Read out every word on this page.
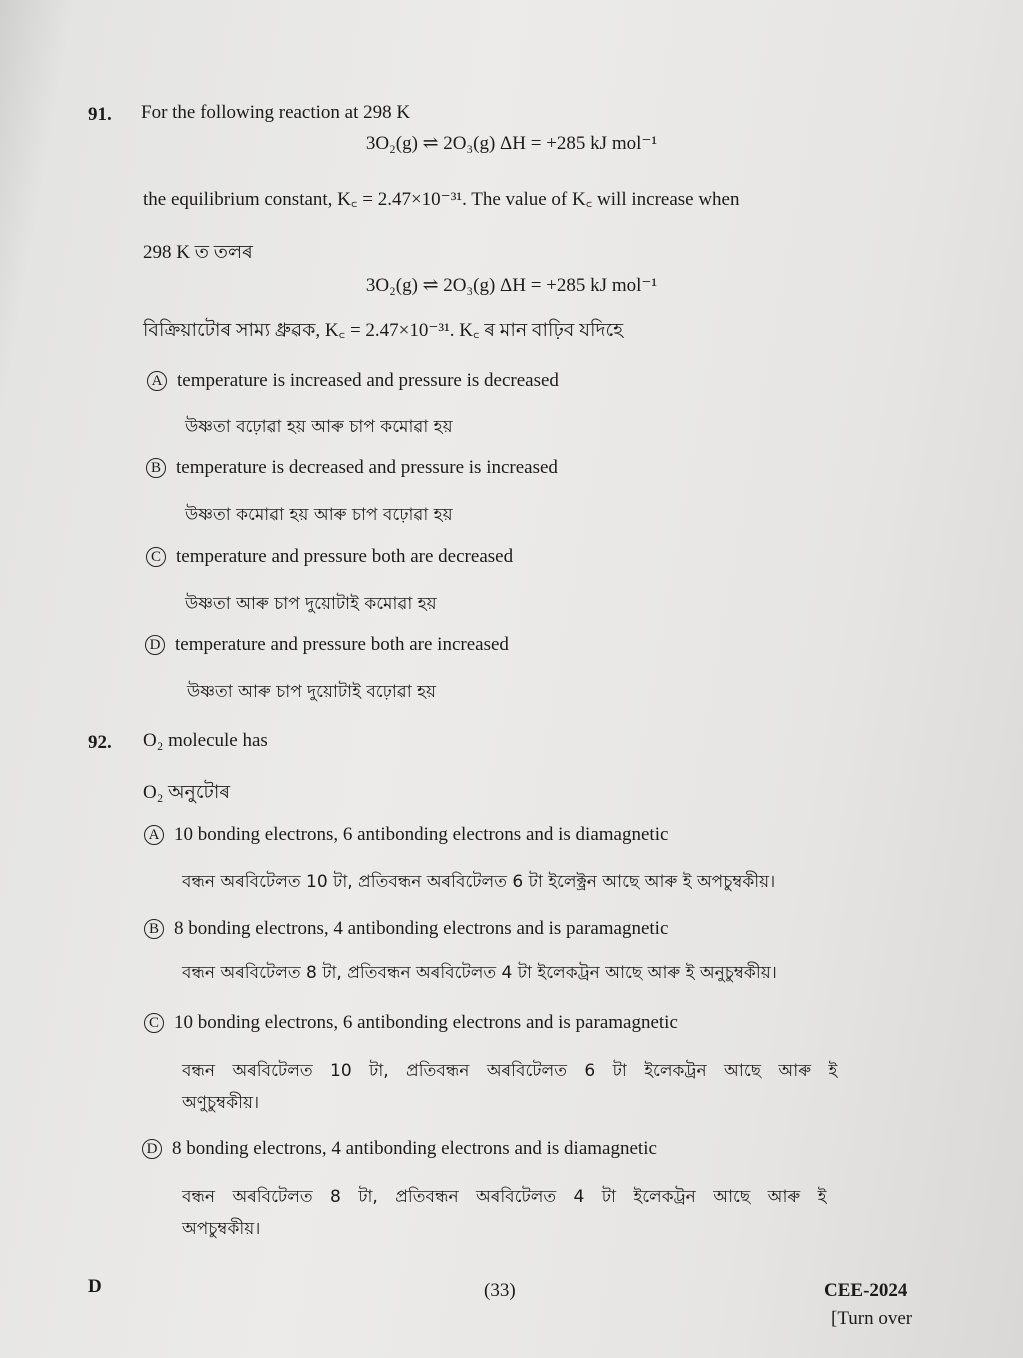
91. For the following reaction at 298 K
3O₂(g) ⇌ 2O₃(g) ΔH = +285 kJ mol⁻¹
the equilibrium constant, K꜀ = 2.47×10⁻³¹. The value of K꜀ will increase when
298 K ত তলৰ
3O₂(g) ⇌ 2O₃(g) ΔH = +285 kJ mol⁻¹
বিক্রিয়াটোৰ সাম্য ধ্রুৱক, K꜀ = 2.47×10⁻³¹. K꜀ ৰ মান বাঢ়িব যদিহে
A temperature is increased and pressure is decreased
উষ্ণতা বঢ়োৱা হয় আৰু চাপ কমোৱা হয়
B temperature is decreased and pressure is increased
উষ্ণতা কমোৱা হয় আৰু চাপ বঢ়োৱা হয়
C temperature and pressure both are decreased
উষ্ণতা আৰু চাপ দুয়োটাই কমোৱা হয়
D temperature and pressure both are increased
উষ্ণতা আৰু চাপ দুয়োটাই বঢ়োৱা হয়
92. O₂ molecule has
O₂ অনুটোৰ
A 10 bonding electrons, 6 antibonding electrons and is diamagnetic
বন্ধন অৰবিটেলত 10 টা, প্ৰতিবন্ধন অৰবিটেলত 6 টা ইলেক্ট্ৰন আছে আৰু ই অপচুম্বকীয়।
B 8 bonding electrons, 4 antibonding electrons and is paramagnetic
বন্ধন অৰবিটেলত 8 টা, প্ৰতিবন্ধন অৰবিটেলত 4 টা ইলেকট্ৰন আছে আৰু ই অনুচুম্বকীয়।
C 10 bonding electrons, 6 antibonding electrons and is paramagnetic
বন্ধন অৰবিটেলত 10 টা, প্ৰতিবন্ধন অৰবিটেলত 6 টা ইলেকট্ৰন আছে আৰু ই
অণুচুম্বকীয়।
D 8 bonding electrons, 4 antibonding electrons and is diamagnetic
বন্ধন অৰবিটেলত 8 টা, প্ৰতিবন্ধন অৰবিটেলত 4 টা ইলেকট্ৰন আছে আৰু ই
অপচুম্বকীয়।
D	(33)	CEE-2024
[Turn over
